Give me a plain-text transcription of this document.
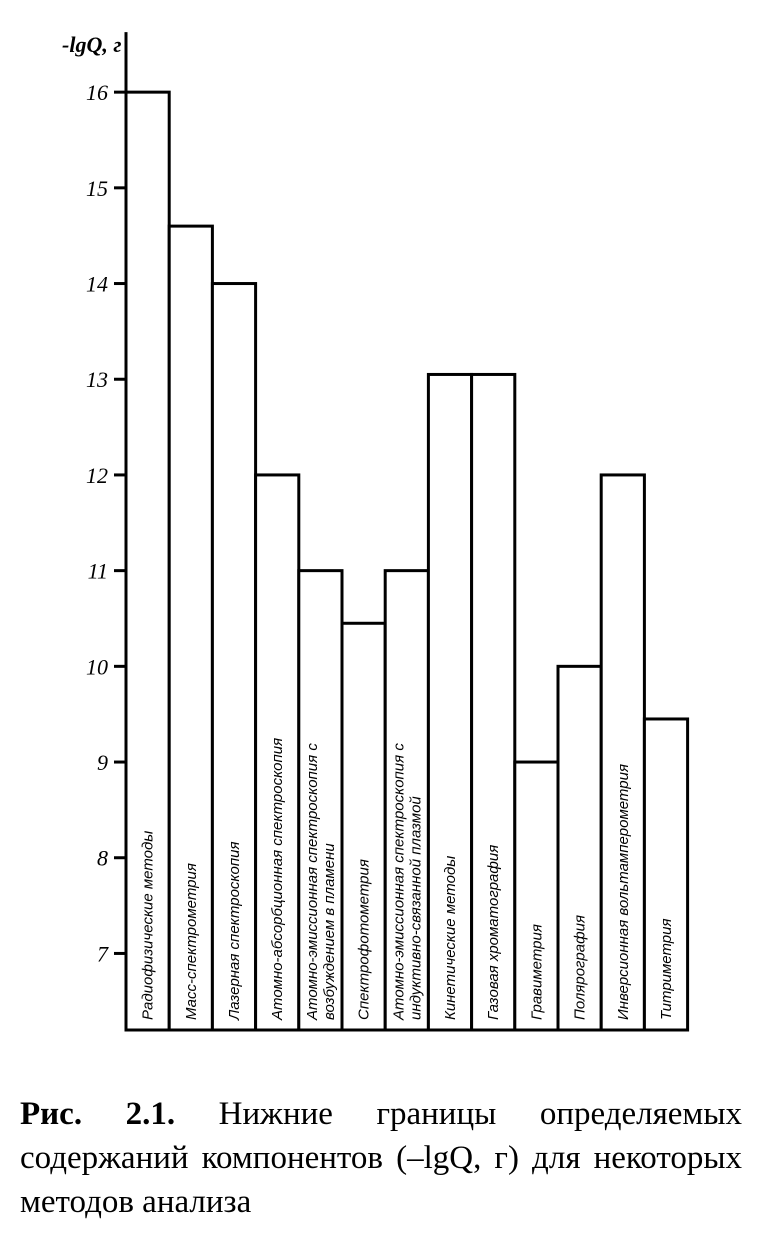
-lgQ, г
7
8
9
10
11
12
13
14
15
16
Радиофизические методы Масс-спектрометрия Лазерная спектроскопия Атомно-абсорбционная спектроскопия Атомно-эмиссионная спектроскопия с возбуждением в пламени Спектрофотометрия Атомно-эмиссионная спектроскопия с индуктивно-связанной плазмой Кинетические методы Газовая хроматография Гравиметрия Полярография Инверсионная вольтамперометрия Титриметрия
Рис. 2.1. Нижние границы определяемых содержаний компонентов (–lgQ, г) для некоторых методов анализа
